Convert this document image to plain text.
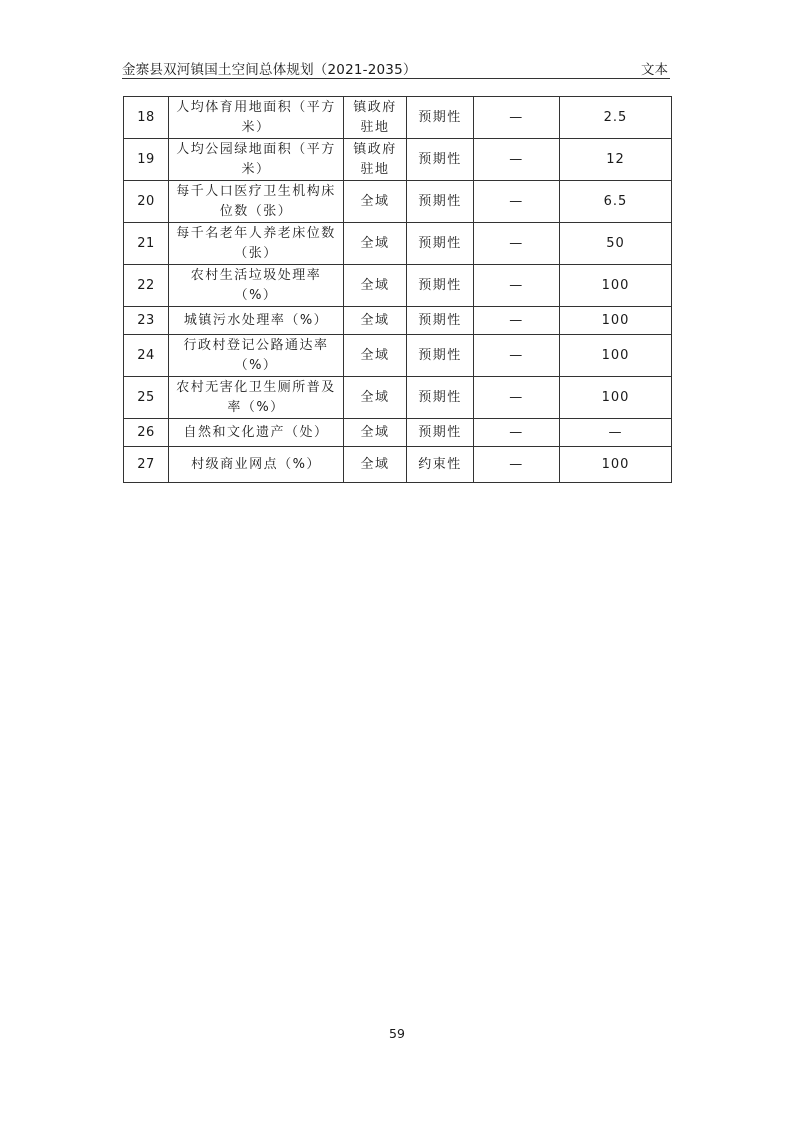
金寨县双河镇国土空间总体规划（2021-2035）	文本
18	人均体育用地面积（平方米）	镇政府驻地	预期性	—	2.5
19	人均公园绿地面积（平方米）	镇政府驻地	预期性	—	12
20	每千人口医疗卫生机构床位数（张）	全域	预期性	—	6.5
21	每千名老年人养老床位数（张）	全域	预期性	—	50
22	农村生活垃圾处理率（%）	全域	预期性	—	100
23	城镇污水处理率（%）	全域	预期性	—	100
24	行政村登记公路通达率（%）	全域	预期性	—	100
25	农村无害化卫生厕所普及率（%）	全域	预期性	—	100
26	自然和文化遗产（处）	全域	预期性	—	—
27	村级商业网点（%）	全域	约束性	—	100
59
